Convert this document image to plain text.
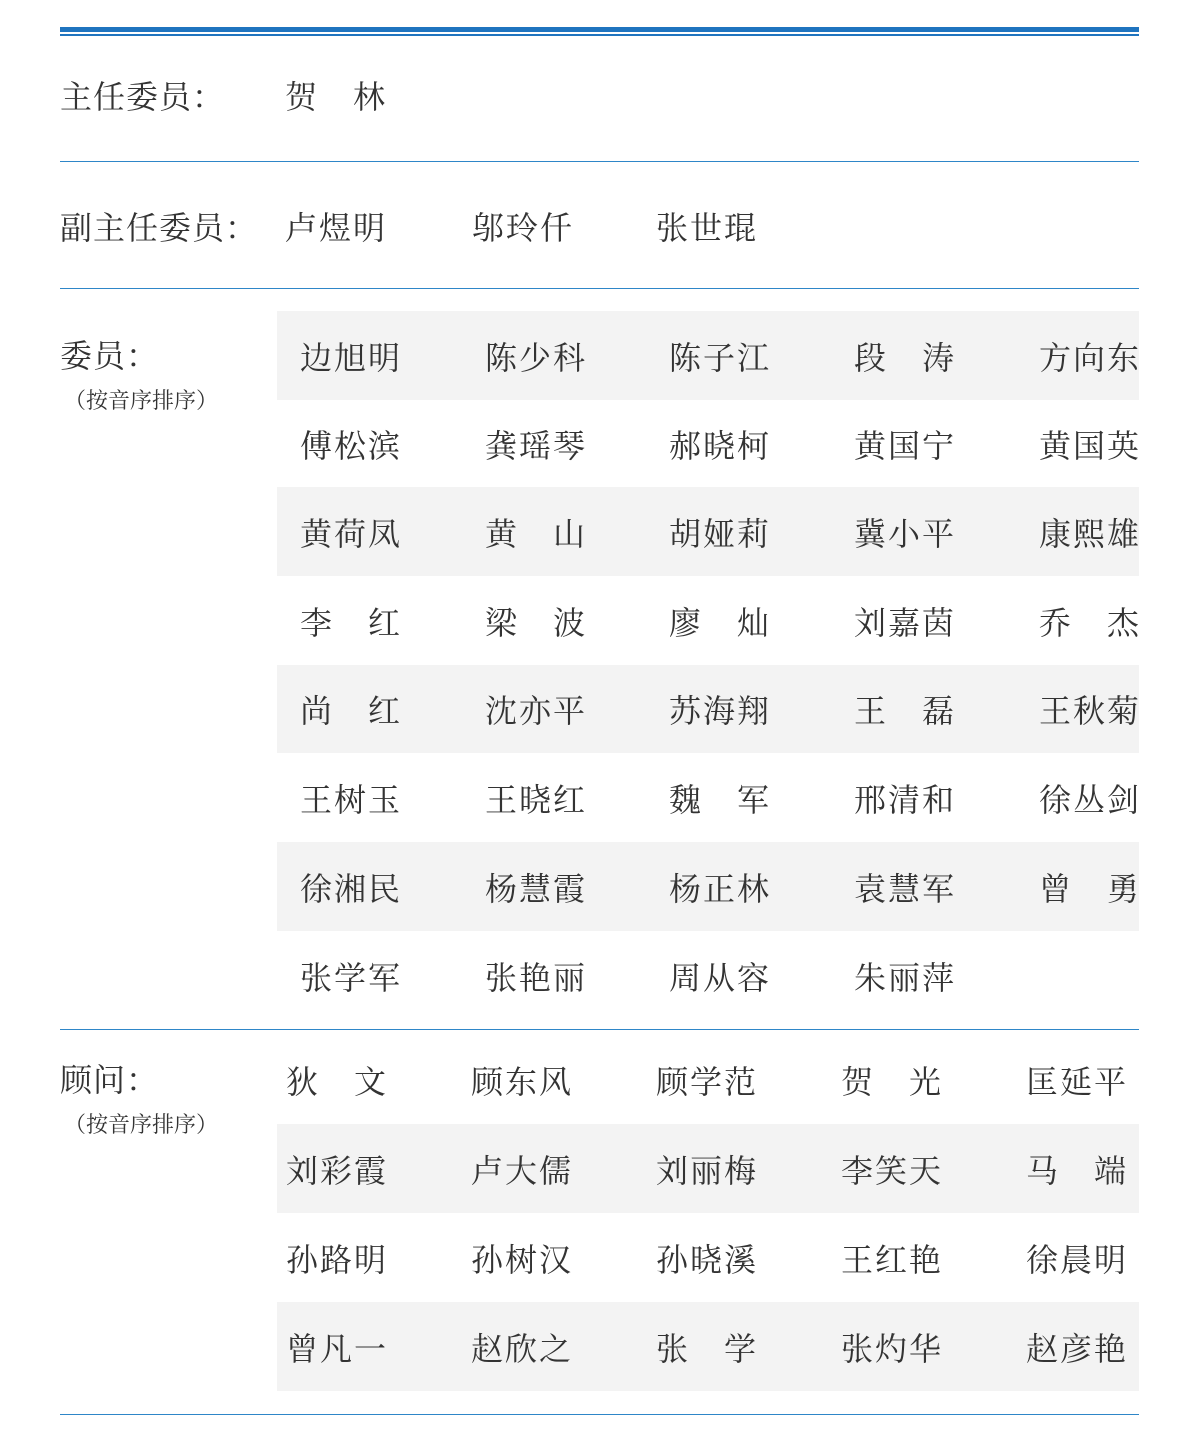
主任委员： 贺　林
副主任委员： 卢煜明	邬玲仟	张世琨
委员：
（按音序排序）
边旭明	陈少科	陈子江	段　涛	方向东
傅松滨	龚瑶琴	郝晓柯	黄国宁	黄国英
黄荷凤	黄　山	胡娅莉	冀小平	康熙雄
李　红	梁　波	廖　灿	刘嘉茵	乔　杰
尚　红	沈亦平	苏海翔	王　磊	王秋菊
王树玉	王晓红	魏　军	邢清和	徐丛剑
徐湘民	杨慧霞	杨正林	袁慧军	曾　勇
张学军	张艳丽	周从容	朱丽萍
顾问：
（按音序排序）
狄　文	顾东风	顾学范	贺　光	匡延平
刘彩霞	卢大儒	刘丽梅	李笑天	马　端
孙路明	孙树汉	孙晓溪	王红艳	徐晨明
曾凡一	赵欣之	张　学	张灼华	赵彦艳
